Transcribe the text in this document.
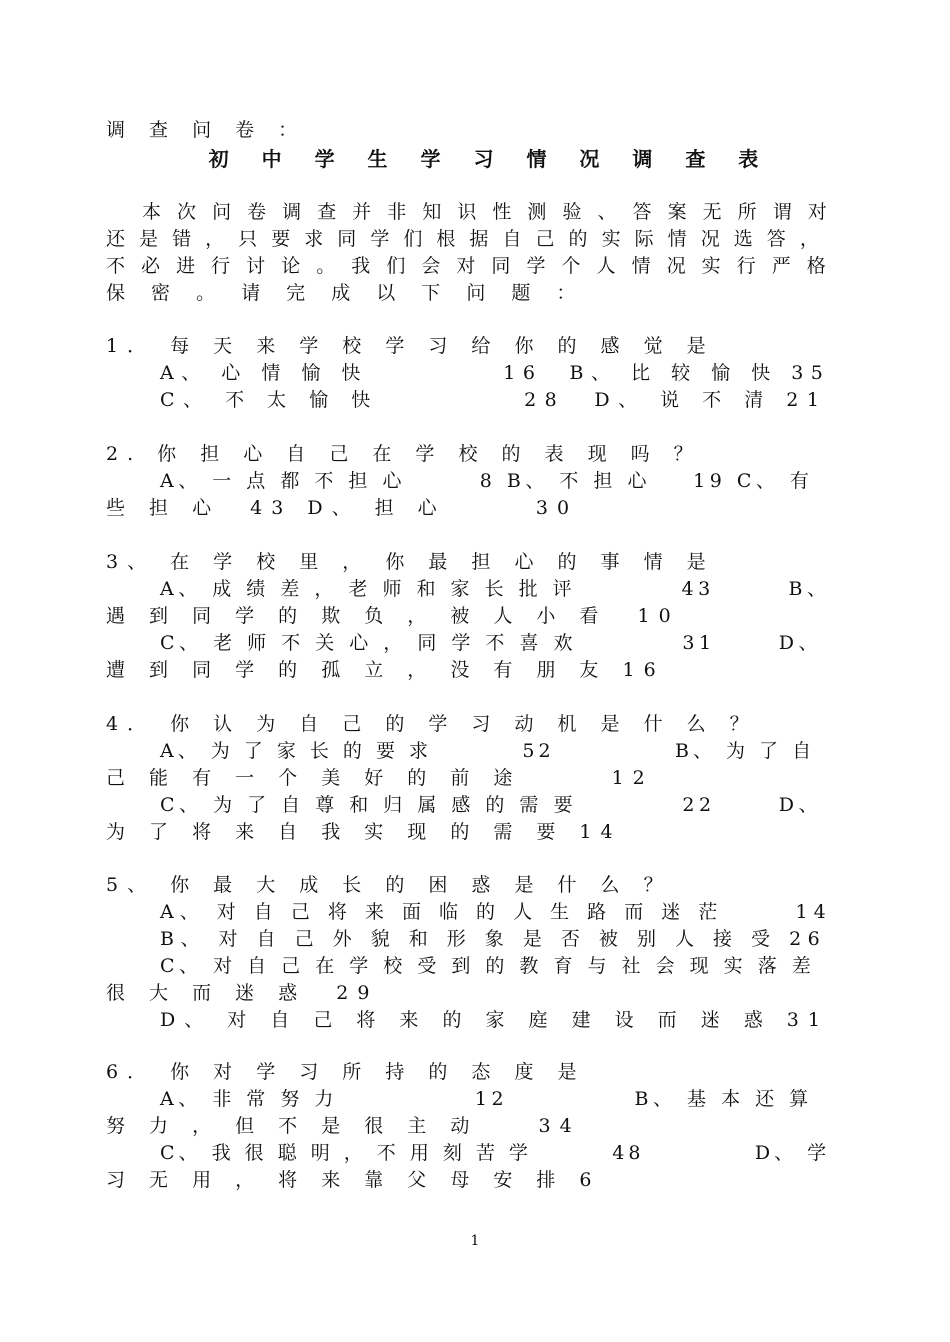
调 查 问 卷 ：
初 中 学 生 学 习 情 况 调 查 表
本 次 问 卷 调 查 并 非 知 识 性 测 验 、 答 案 无 所 谓 对
还 是 错 ， 只 要 求 同 学 们 根 据 自 己 的 实 际 情 况 选 答 ，
不 必 进 行 讨 论 。 我 们 会 对 同 学 个 人 情 况 实 行 严 格
保 密 。 请 完 成 以 下 问 题 ：
1． 每 天 来 学 校 学 习 给 你 的 感 觉 是
A、 心 情 愉 快          16  B、 比 较 愉 快 35
C、 不 太 愉 快          28  D、 说 不 清 21
2. 你 担 心 自 己 在 学 校 的 表 现 吗 ？
A、 一 点 都 不 担 心       8 B、 不 担 心    19 C、 有
些 担 心  43 D、 担 心      30
3、 在 学 校 里 ， 你 最 担 心 的 事 情 是
A、 成 绩 差 ， 老 师 和 家 长 批 评          43       B、
遇 到 同 学 的 欺 负 ， 被 人 小 看  10
C、 老 师 不 关 心 ， 同 学 不 喜 欢          31      D、
遭 到 同 学 的 孤 立 ， 没 有 朋 友 16
4． 你 认 为 自 己 的 学 习 动 机 是 什 么 ？
A、 为 了 家 长 的 要 求         52            B、 为 了 自
己 能 有 一 个 美 好 的 前 途      12
C、 为 了 自 尊 和 归 属 感 的 需 要          22      D、
为 了 将 来 自 我 实 现 的 需 要 14
5、 你 最 大 成 长 的 困 惑 是 什 么 ？
A、 对 自 己 将 来 面 临 的 人 生 路 而 迷 茫      14
B、 对 自 己 外 貌 和 形 象 是 否 被 别 人 接 受 26
C、 对 自 己 在 学 校 受 到 的 教 育 与 社 会 现 实 落 差
很 大 而 迷 惑  29
D、 对 自 己 将 来 的 家 庭 建 设 而 迷 惑 31
6． 你 对 学 习 所 持 的 态 度 是
A、 非 常 努 力             12            B、 基 本 还 算
努 力 ， 但 不 是 很 主 动    34
C、 我 很 聪 明 ， 不 用 刻 苦 学        48           D、 学
习 无 用 ， 将 来 靠 父 母 安 排 6
1
